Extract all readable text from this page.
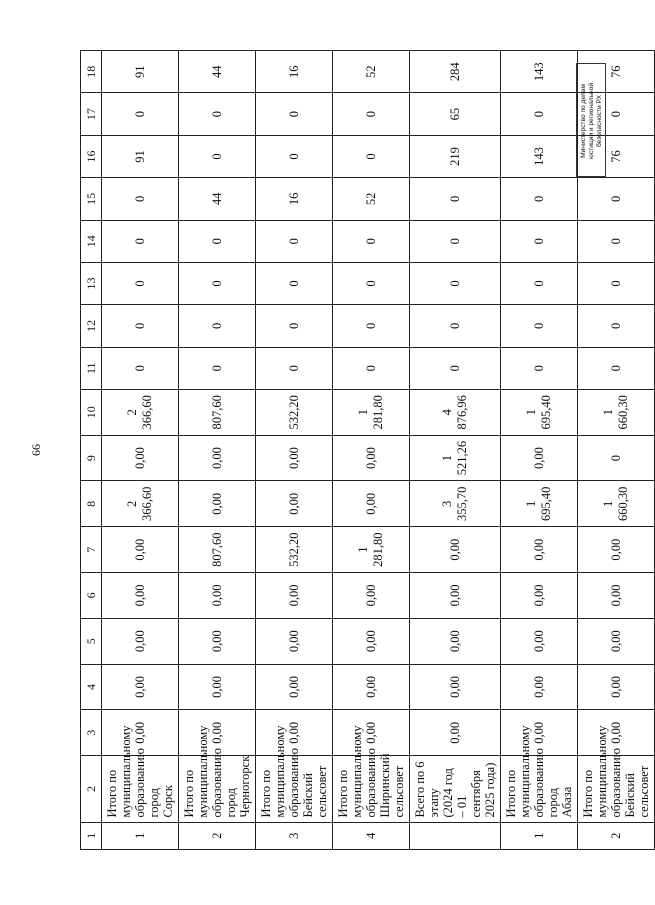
66
1	2	3	4	5	6	7	8	9	10	11	12	13	14	15	16	17	18
1	Итого по муниципальному образованию город Сорск	0,00	0,00	0,00	0,00	0,00	2 366,60	0,00	2 366,60	0	0	0	0	0	91	0	91
2	Итого по муниципальному образованию город Черногорск	0,00	0,00	0,00	0,00	807,60	0,00	0,00	807,60	0	0	0	0	44	0	0	44
3	Итого по муниципальному образованию Бейский сельсовет	0,00	0,00	0,00	0,00	532,20	0,00	0,00	532,20	0	0	0	0	16	0	0	16
4	Итого по муниципальному образованию Ширинский сельсовет	0,00	0,00	0,00	0,00	1 281,80	0,00	0,00	1 281,80	0	0	0	0	52	0	0	52
	Всего по 6 этапу (2024 год – 01 сентября 2025 года)	0,00	0,00	0,00	0,00	0,00	3 355,70	1 521,26	4 876,96	0	0	0	0	0	219	65	284
1	Итого по муниципальному образованию город Абаза	0,00	0,00	0,00	0,00	0,00	1 695,40	0,00	1 695,40	0	0	0	0	0	143	0	143
2	Итого по муниципальному образованию Бейский сельсовет	0,00	0,00	0,00	0,00	0,00	1 660,30	0	1 660,30	0	0	0	0	0	76	0	76
Министерство по делам юстиции и региональной безопасности РХ
